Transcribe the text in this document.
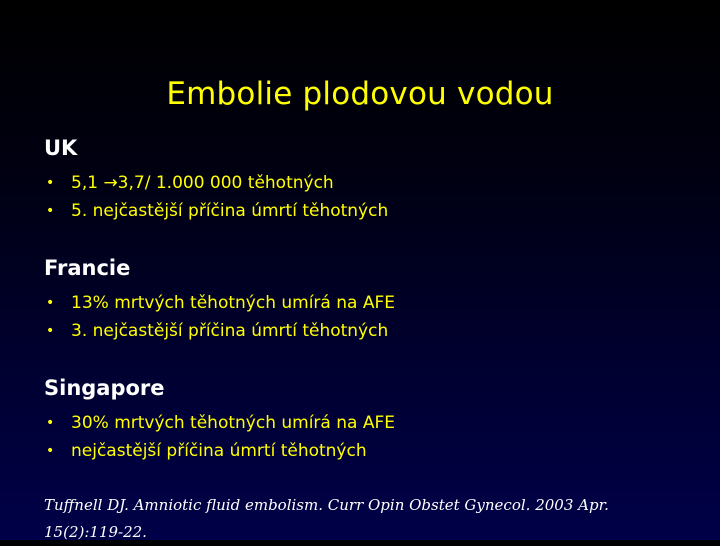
Embolie plodovou vodou
UK
• 5,1 →3,7/ 1.000 000 těhotných
• 5. nejčastější příčina úmrtí těhotných
Francie
• 13% mrtvých těhotných umírá na AFE
• 3. nejčastější příčina úmrtí těhotných
Singapore
• 30% mrtvých těhotných umírá na AFE
• nejčastější příčina úmrtí těhotných
Tuffnell DJ. Amniotic fluid embolism. Curr Opin Obstet Gynecol. 2003 Apr.
15(2):119-22.
